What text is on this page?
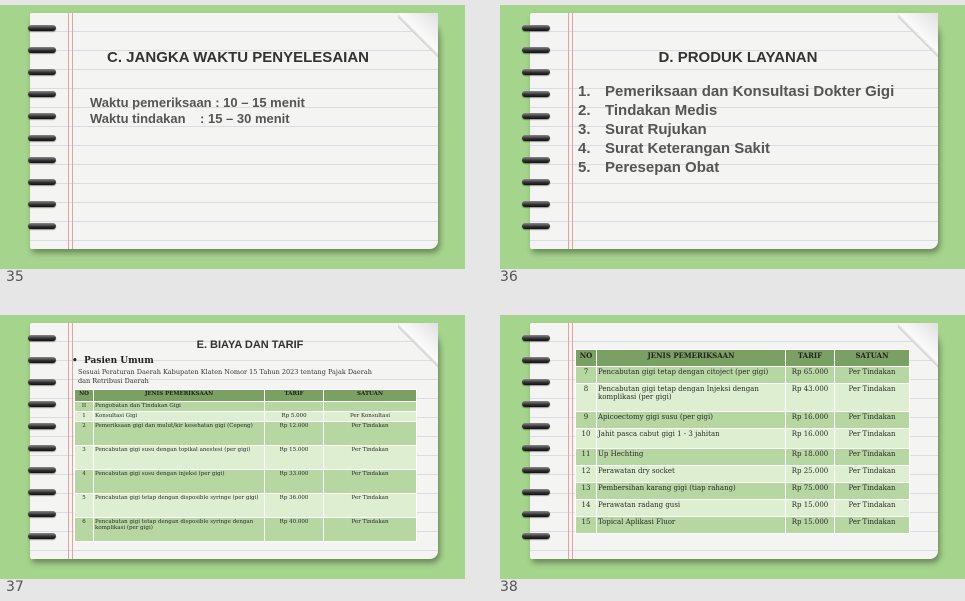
C. JANGKA WAKTU PENYELESAIAN
Waktu pemeriksaan : 10 – 15 menit
Waktu tindakan    : 15 – 30 menit
35
D. PRODUK LAYANAN
1. Pemeriksaan dan Konsultasi Dokter Gigi
2. Tindakan Medis
3. Surat Rujukan
4. Surat Keterangan Sakit
5. Peresepan Obat
36
E. BIAYA DAN TARIF
•  Pasien Umum
Sesuai Peraturan Daerah Kabupaten Klaten Nomor 15 Tahun 2023 tentang Pajak Daerah dan Retribusi Daerah
NO	JENIS PEMERIKSAAN	TARIF	SATUAN
II	Pengobatan dan Tindakan Gigi		
1	Konsultasi Gigi	Rp 5.000	Per Konsultasi
2	Pemeriksaan gigi dan mulut/kir kesehatan gigi (Cepeng)	Rp 12.000	Per Tindakan
3	Pencabutan gigi susu dengan topikal anestesi (per gigi)	Rp 15.000	Per Tindakan
4	Pencabutan gigi susu dengan injeksi (per gigi)	Rp 33.000	Per Tindakan
5	Pencabutan gigi tetap dengan disposible syringe (per gigi)	Rp 36.000	Per Tindakan
6	Pencabutan gigi tetap dengan disposible syringe dengan komplikasi (per gigi)	Rp 40.000	Per Tindakan
37
NO	JENIS PEMERIKSAAN	TARIF	SATUAN
7	Pencabutan gigi tetap dengan citoject (per gigi)	Rp 65.000	Per Tindakan
8	Pencabutan gigi tetap dengan Injeksi dengan komplikasi (per gigi)	Rp 43.000	Per Tindakan
9	Apicoectomy gigi susu (per gigi)	Rp 16.000	Per Tindakan
10	Jahit pasca cabut gigi 1 - 3 jahitan	Rp 16.000	Per Tindakan
11	Up Hechting	Rp 18.000	Per Tindakan
12	Perawatan dry socket	Rp 25.000	Per Tindakan
13	Pembersihan karang gigi (tiap rahang)	Rp 75.000	Per Tindakan
14	Perawatan radang gusi	Rp 15.000	Per Tindakan
15	Topical Aplikasi Fluor	Rp 15.000	Per Tindakan
38
